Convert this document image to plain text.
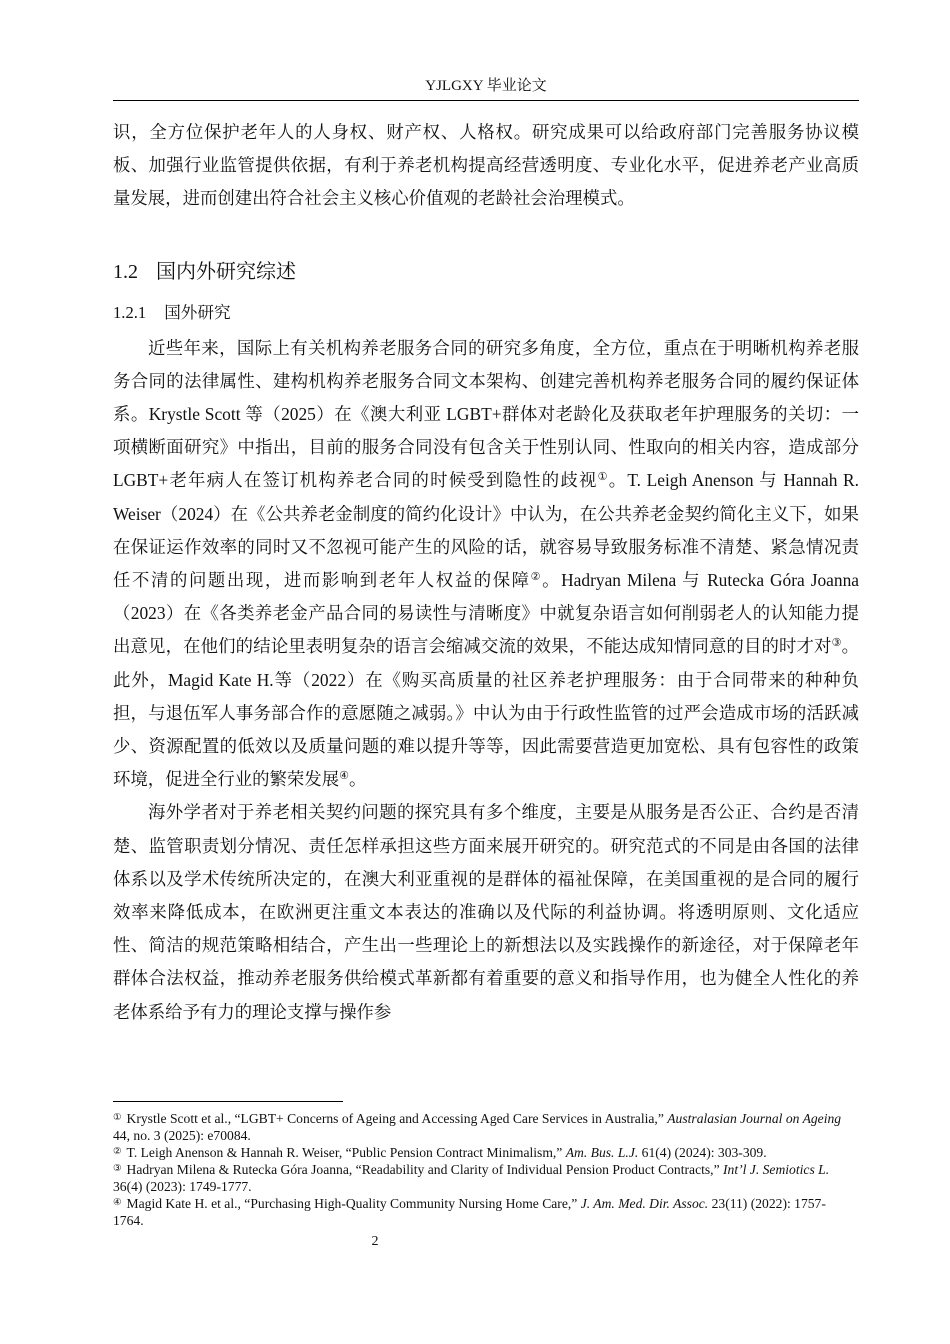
YJLGXY 毕业论文

识，全方位保护老年人的人身权、财产权、人格权。研究成果可以给政府部门完善服务协议模板、加强行业监管提供依据，有利于养老机构提高经营透明度、专业化水平，促进养老产业高质量发展，进而创建出符合社会主义核心价值观的老龄社会治理模式。

1.2 国内外研究综述
1.2.1 国外研究

近些年来，国际上有关机构养老服务合同的研究多角度，全方位，重点在于明晰机构养老服务合同的法律属性、建构机构养老服务合同文本架构、创建完善机构养老服务合同的履约保证体系。Krystle Scott 等（2025）在《澳大利亚 LGBT+群体对老龄化及获取老年护理服务的关切：一项横断面研究》中指出，目前的服务合同没有包含关于性别认同、性取向的相关内容，造成部分 LGBT+老年病人在签订机构养老合同的时候受到隐性的歧视①。T. Leigh Anenson 与 Hannah R. Weiser（2024）在《公共养老金制度的简约化设计》中认为，在公共养老金契约简化主义下，如果在保证运作效率的同时又不忽视可能产生的风险的话，就容易导致服务标准不清楚、紧急情况责任不清的问题出现，进而影响到老年人权益的保障②。Hadryan Milena 与 Rutecka Góra Joanna（2023）在《各类养老金产品合同的易读性与清晰度》中就复杂语言如何削弱老人的认知能力提出意见，在他们的结论里表明复杂的语言会缩减交流的效果，不能达成知情同意的目的时才对③。此外，Magid Kate H.等（2022）在《购买高质量的社区养老护理服务：由于合同带来的种种负担，与退伍军人事务部合作的意愿随之减弱。》中认为由于行政性监管的过严会造成市场的活跃减少、资源配置的低效以及质量问题的难以提升等等，因此需要营造更加宽松、具有包容性的政策环境，促进全行业的繁荣发展④。

海外学者对于养老相关契约问题的探究具有多个维度，主要是从服务是否公正、合约是否清楚、监管职责划分情况、责任怎样承担这些方面来展开研究的。研究范式的不同是由各国的法律体系以及学术传统所决定的，在澳大利亚重视的是群体的福祉保障，在美国重视的是合同的履行效率来降低成本，在欧洲更注重文本表达的准确以及代际的利益协调。将透明原则、文化适应性、简洁的规范策略相结合，产生出一些理论上的新想法以及实践操作的新途径，对于保障老年群体合法权益，推动养老服务供给模式革新都有着重要的意义和指导作用，也为健全人性化的养老体系给予有力的理论支撑与操作参

① Krystle Scott et al., “LGBT+ Concerns of Ageing and Accessing Aged Care Services in Australia,” Australasian Journal on Ageing 44, no. 3 (2025): e70084.

② T. Leigh Anenson & Hannah R. Weiser, “Public Pension Contract Minimalism,” Am. Bus. L.J. 61(4) (2024): 303-309.

③ Hadryan Milena & Rutecka Góra Joanna, “Readability and Clarity of Individual Pension Product Contracts,” Int’l J. Semiotics L. 36(4) (2023): 1749-1777.

④ Magid Kate H. et al., “Purchasing High-Quality Community Nursing Home Care,” J. Am. Med. Dir. Assoc. 23(11) (2022): 1757-1764.

2
